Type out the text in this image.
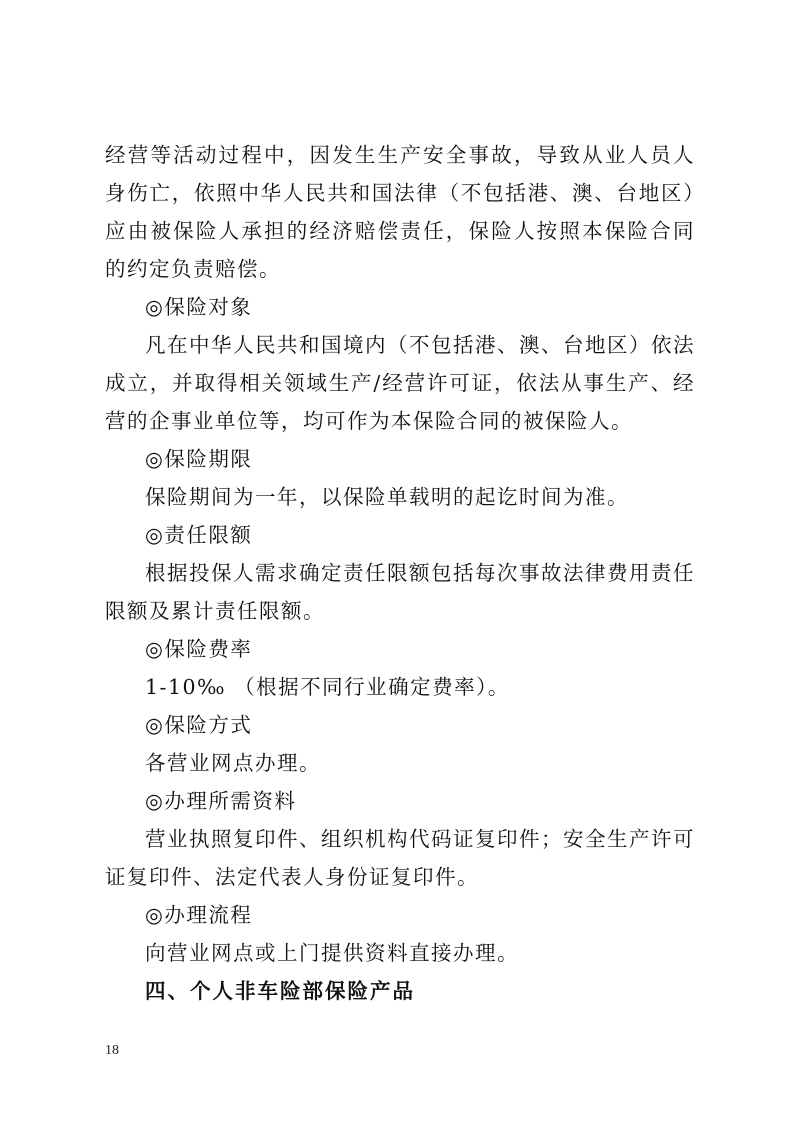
经营等活动过程中，因发生生产安全事故，导致从业人员人身伤亡，依照中华人民共和国法律（不包括港、澳、台地区）应由被保险人承担的经济赔偿责任，保险人按照本保险合同的约定负责赔偿。

◎保险对象

凡在中华人民共和国境内（不包括港、澳、台地区）依法成立，并取得相关领域生产/经营许可证，依法从事生产、经营的企事业单位等，均可作为本保险合同的被保险人。

◎保险期限

保险期间为一年，以保险单载明的起讫时间为准。

◎责任限额

根据投保人需求确定责任限额包括每次事故法律费用责任限额及累计责任限额。

◎保险费率

1-10‰ （根据不同行业确定费率）。

◎保险方式

各营业网点办理。

◎办理所需资料

营业执照复印件、组织机构代码证复印件；安全生产许可证复印件、法定代表人身份证复印件。

◎办理流程

向营业网点或上门提供资料直接办理。

四、个人非车险部保险产品

18
